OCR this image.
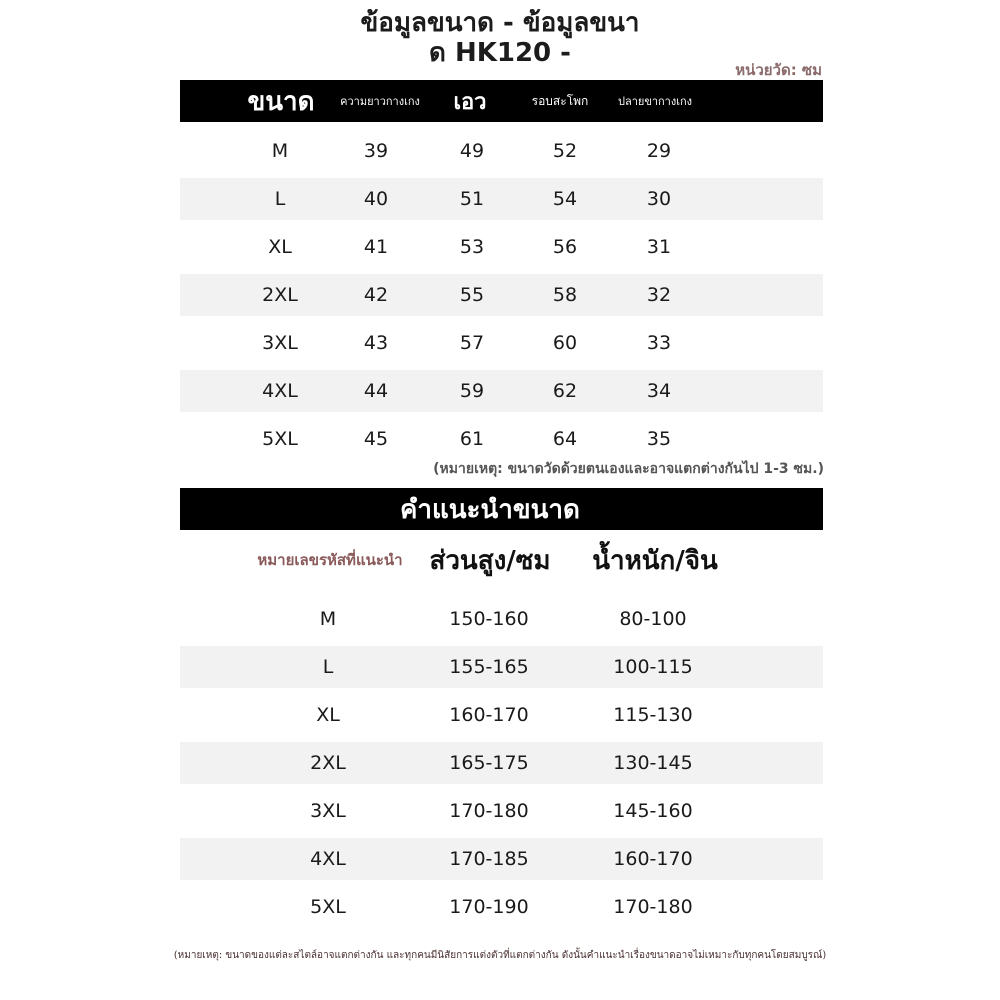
ข้อมูลขนาด - ข้อมูลขนา
ด HK120 -
หน่วยวัด: ซม
ขนาด	ความยาวกางเกง	เอว	รอบสะโพก	ปลายขากางเกง
M	39	49	52	29
L	40	51	54	30
XL	41	53	56	31
2XL	42	55	58	32
3XL	43	57	60	33
4XL	44	59	62	34
5XL	45	61	64	35
(หมายเหตุ: ขนาดวัดด้วยตนเองและอาจแตกต่างกันไป 1-3 ซม.)
คำแนะนำขนาด
หมายเลขรหัสที่แนะนำ	ส่วนสูง/ซม	น้ำหนัก/จิน
M	150-160	80-100
L	155-165	100-115
XL	160-170	115-130
2XL	165-175	130-145
3XL	170-180	145-160
4XL	170-185	160-170
5XL	170-190	170-180
(หมายเหตุ: ขนาดของแต่ละสไตล์อาจแตกต่างกัน และทุกคนมีนิสัยการแต่งตัวที่แตกต่างกัน ดังนั้นคำแนะนำเรื่องขนาดอาจไม่เหมาะกับทุกคนโดยสมบูรณ์)
